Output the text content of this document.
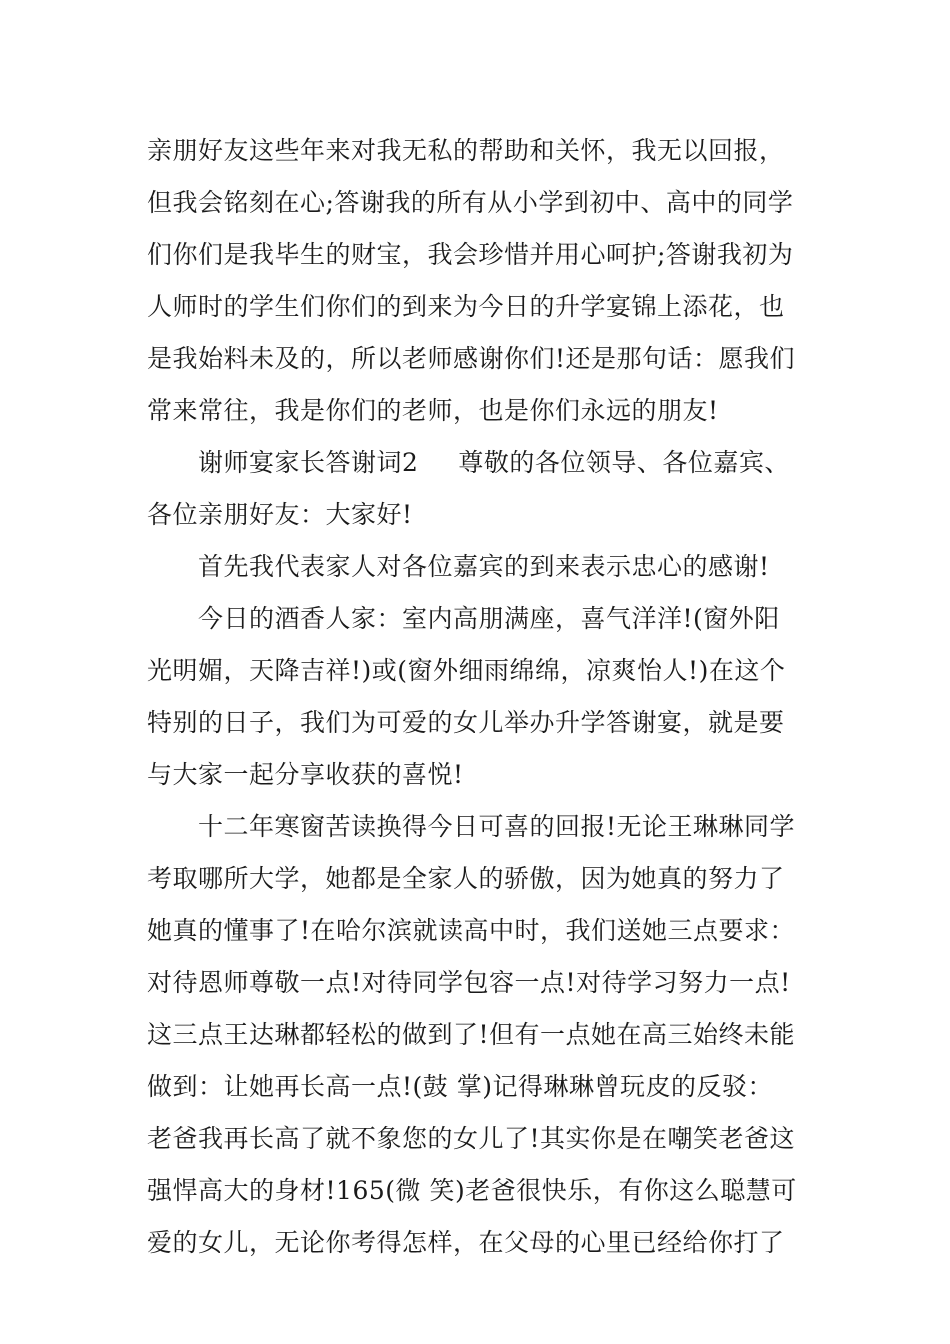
亲朋好友这些年来对我无私的帮助和关怀，我无以回报，
但我会铭刻在心;答谢我的所有从小学到初中、高中的同学
们你们是我毕生的财宝，我会珍惜并用心呵护;答谢我初为
人师时的学生们你们的到来为今日的升学宴锦上添花，也
是我始料未及的，所以老师感谢你们!还是那句话：愿我们
常来常往，我是你们的老师，也是你们永远的朋友!
谢师宴家长答谢词2 尊敬的各位领导、各位嘉宾、
各位亲朋好友：大家好!
首先我代表家人对各位嘉宾的到来表示忠心的感谢!
今日的酒香人家：室内高朋满座，喜气洋洋!(窗外阳
光明媚，天降吉祥!)或(窗外细雨绵绵，凉爽怡人!)在这个
特别的日子，我们为可爱的女儿举办升学答谢宴，就是要
与大家一起分享收获的喜悦!
十二年寒窗苦读换得今日可喜的回报!无论王琳琳同学
考取哪所大学，她都是全家人的骄傲，因为她真的努力了
她真的懂事了!在哈尔滨就读高中时，我们送她三点要求：
对待恩师尊敬一点!对待同学包容一点!对待学习努力一点!
这三点王达琳都轻松的做到了!但有一点她在高三始终未能
做到：让她再长高一点!(鼓 掌)记得琳琳曾玩皮的反驳：
老爸我再长高了就不象您的女儿了!其实你是在嘲笑老爸这
强悍高大的身材!165(微 笑)老爸很快乐，有你这么聪慧可
爱的女儿，无论你考得怎样，在父母的心里已经给你打了
